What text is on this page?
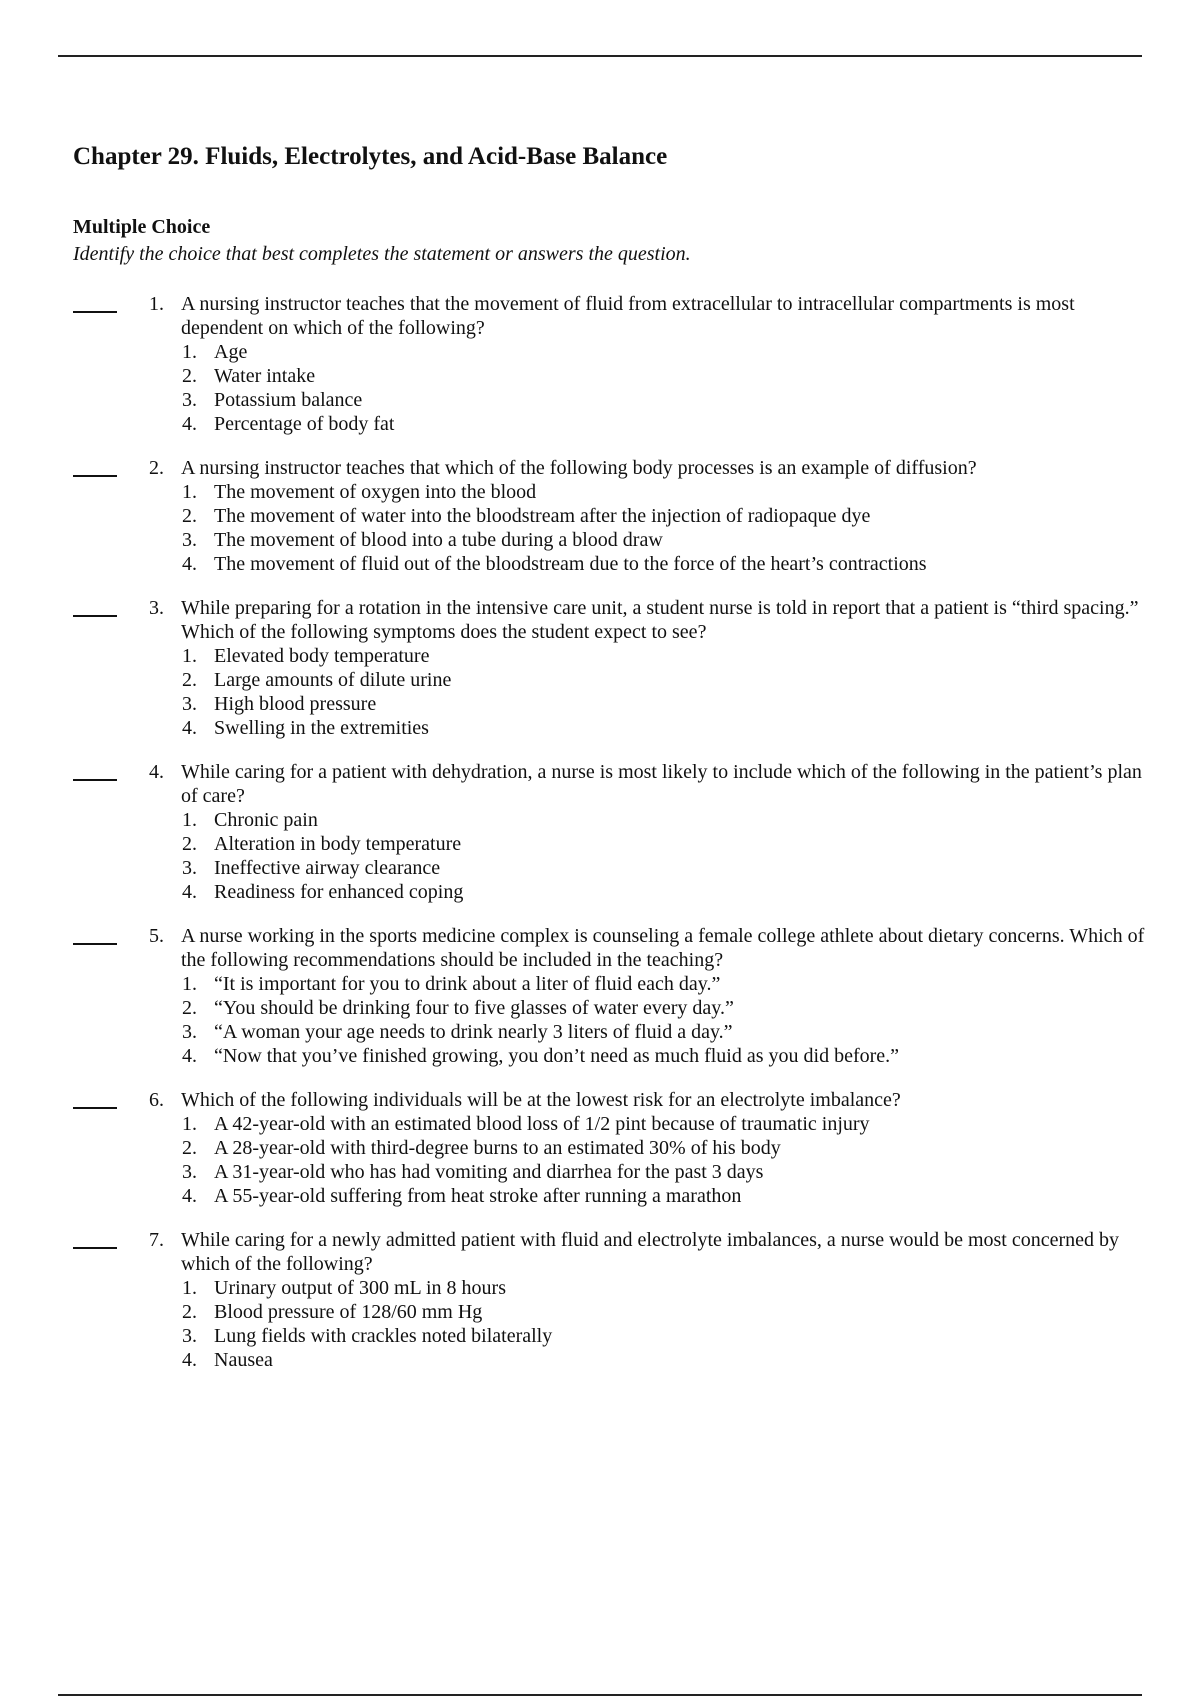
Chapter 29. Fluids, Electrolytes, and Acid-Base Balance
Multiple Choice
Identify the choice that best completes the statement or answers the question.
1. A nursing instructor teaches that the movement of fluid from extracellular to intracellular compartments is most dependent on which of the following?
1. Age
2. Water intake
3. Potassium balance
4. Percentage of body fat
2. A nursing instructor teaches that which of the following body processes is an example of diffusion?
1. The movement of oxygen into the blood
2. The movement of water into the bloodstream after the injection of radiopaque dye
3. The movement of blood into a tube during a blood draw
4. The movement of fluid out of the bloodstream due to the force of the heart’s contractions
3. While preparing for a rotation in the intensive care unit, a student nurse is told in report that a patient is “third spacing.” Which of the following symptoms does the student expect to see?
1. Elevated body temperature
2. Large amounts of dilute urine
3. High blood pressure
4. Swelling in the extremities
4. While caring for a patient with dehydration, a nurse is most likely to include which of the following in the patient’s plan of care?
1. Chronic pain
2. Alteration in body temperature
3. Ineffective airway clearance
4. Readiness for enhanced coping
5. A nurse working in the sports medicine complex is counseling a female college athlete about dietary concerns. Which of the following recommendations should be included in the teaching?
1. “It is important for you to drink about a liter of fluid each day.”
2. “You should be drinking four to five glasses of water every day.”
3. “A woman your age needs to drink nearly 3 liters of fluid a day.”
4. “Now that you’ve finished growing, you don’t need as much fluid as you did before.”
6. Which of the following individuals will be at the lowest risk for an electrolyte imbalance?
1. A 42-year-old with an estimated blood loss of 1/2 pint because of traumatic injury
2. A 28-year-old with third-degree burns to an estimated 30% of his body
3. A 31-year-old who has had vomiting and diarrhea for the past 3 days
4. A 55-year-old suffering from heat stroke after running a marathon
7. While caring for a newly admitted patient with fluid and electrolyte imbalances, a nurse would be most concerned by which of the following?
1. Urinary output of 300 mL in 8 hours
2. Blood pressure of 128/60 mm Hg
3. Lung fields with crackles noted bilaterally
4. Nausea
